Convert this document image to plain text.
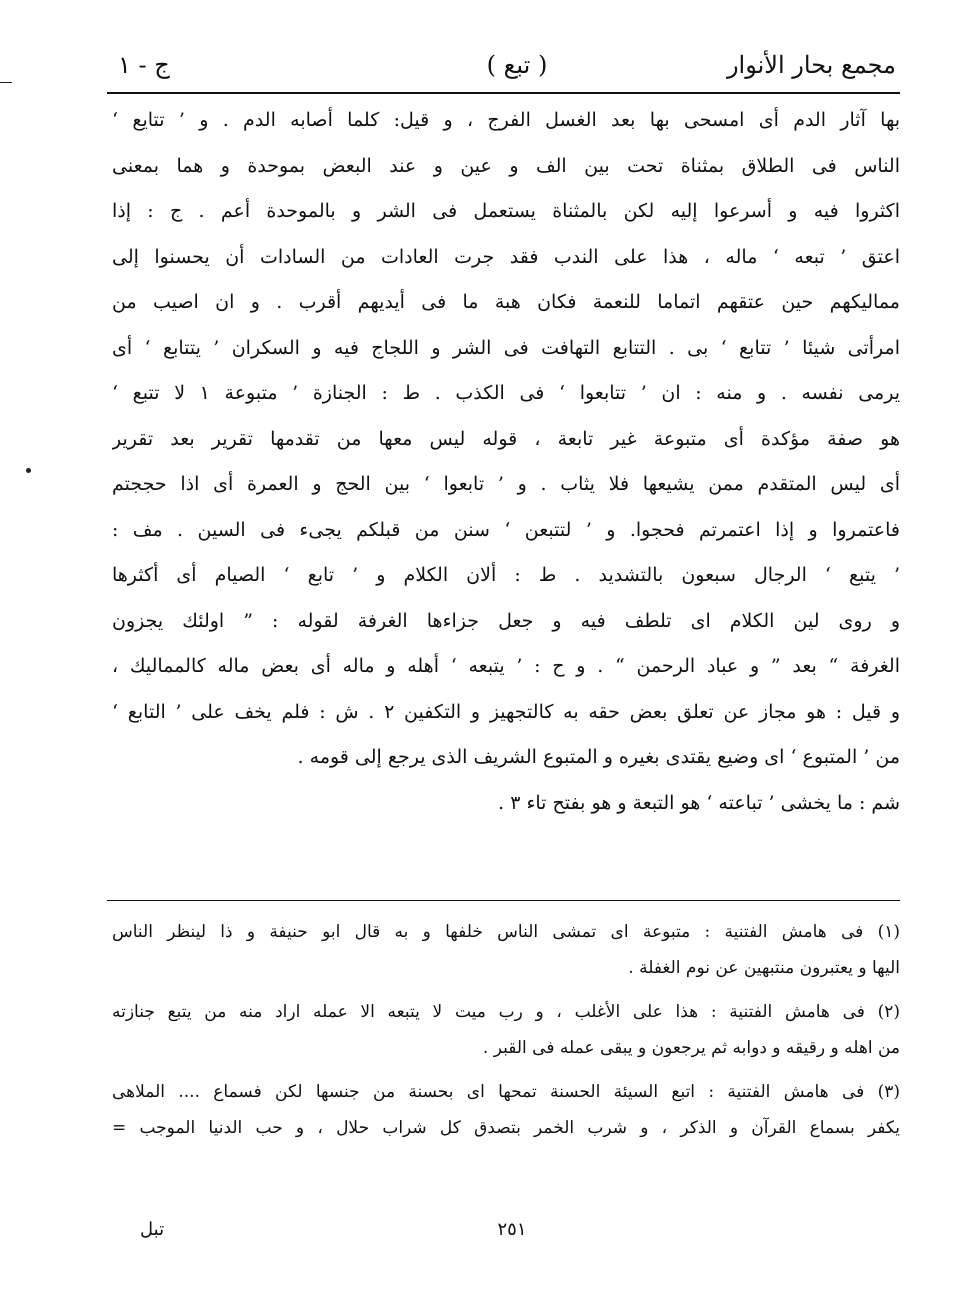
مجمع بحار الأنوار
( تبع )
ج - ١
بها آثار الدم أى امسحى بها بعد الغسل الفرج ، و قيل: كلما أصابه الدم . و ’ تتايع ‘
الناس فى الطلاق بمثناة تحت بين الف و عين و عند البعض بموحدة و هما بمعنى
اكثروا فيه و أسرعوا إليه لكن بالمثناة يستعمل فى الشر و بالموحدة أعم . ج : إذا
اعتق ’ تبعه ‘ ماله ، هذا على الندب فقد جرت العادات من السادات أن يحسنوا إلى
مماليكهم حين عتقهم اتماما للنعمة فكان هبة ما فى أيديهم أقرب . و ان اصيب من
امرأتى شيئا ’ تتابع ‘ بى . التتابع التهافت فى الشر و اللجاج فيه و السكران ’ يتتابع ‘ أى
يرمى نفسه . و منه : ان ’ تتابعوا ‘ فى الكذب . ط : الجنازة ’ متبوعة ١ لا تتبع ‘
هو صفة مؤكدة أى متبوعة غير تابعة ، قوله ليس معها من تقدمها تقرير بعد تقرير
أى ليس المتقدم ممن يشيعها فلا يثاب . و ’ تابعوا ‘ بين الحج و العمرة أى اذا حججتم
فاعتمروا و إذا اعتمرتم فحجوا. و ’ لتتبعن ‘ سنن من قبلكم يجىء فى السين . مف :
’ يتبع ‘ الرجال سبعون بالتشديد . ط : ألان الكلام و ’ تابع ‘ الصيام أى أكثرها
و روى لين الكلام اى تلطف فيه و جعل جزاءها الغرفة لقوله : ” اولئك يجزون
الغرفة “ بعد ” و عباد الرحمن “ . و ح : ’ يتبعه ‘ أهله و ماله أى بعض ماله كالمماليك ،
و قيل : هو مجاز عن تعلق بعض حقه به كالتجهيز و التكفين ٢ . ش : فلم يخف على ’ التابع ‘
من ’ المتبوع ‘ اى وضيع يقتدى بغيره و المتبوع الشريف الذى يرجع إلى قومه .
شم : ما يخشى ’ تباعته ‘ هو التبعة و هو بفتح تاء ٣ .
(١) فى هامش الفتنية : متبوعة اى تمشى الناس خلفها و به قال ابو حنيفة و ذا لينظر الناس
اليها و يعتبرون منتبهين عن نوم الغفلة .
(٢) فى هامش الفتنية : هذا على الأغلب ، و رب ميت لا يتبعه الا عمله اراد منه من يتبع جنازته
من اهله و رقيقه و دوابه ثم يرجعون و يبقى عمله فى القبر .
(٣) فى هامش الفتنية : اتبع السيئة الحسنة تمحها اى بحسنة من جنسها لكن فسماع .... الملاهى
يكفر بسماع القرآن و الذكر ، و شرب الخمر بتصدق كل شراب حلال ، و حب الدنيا الموجب =
٢٥١
تبل
